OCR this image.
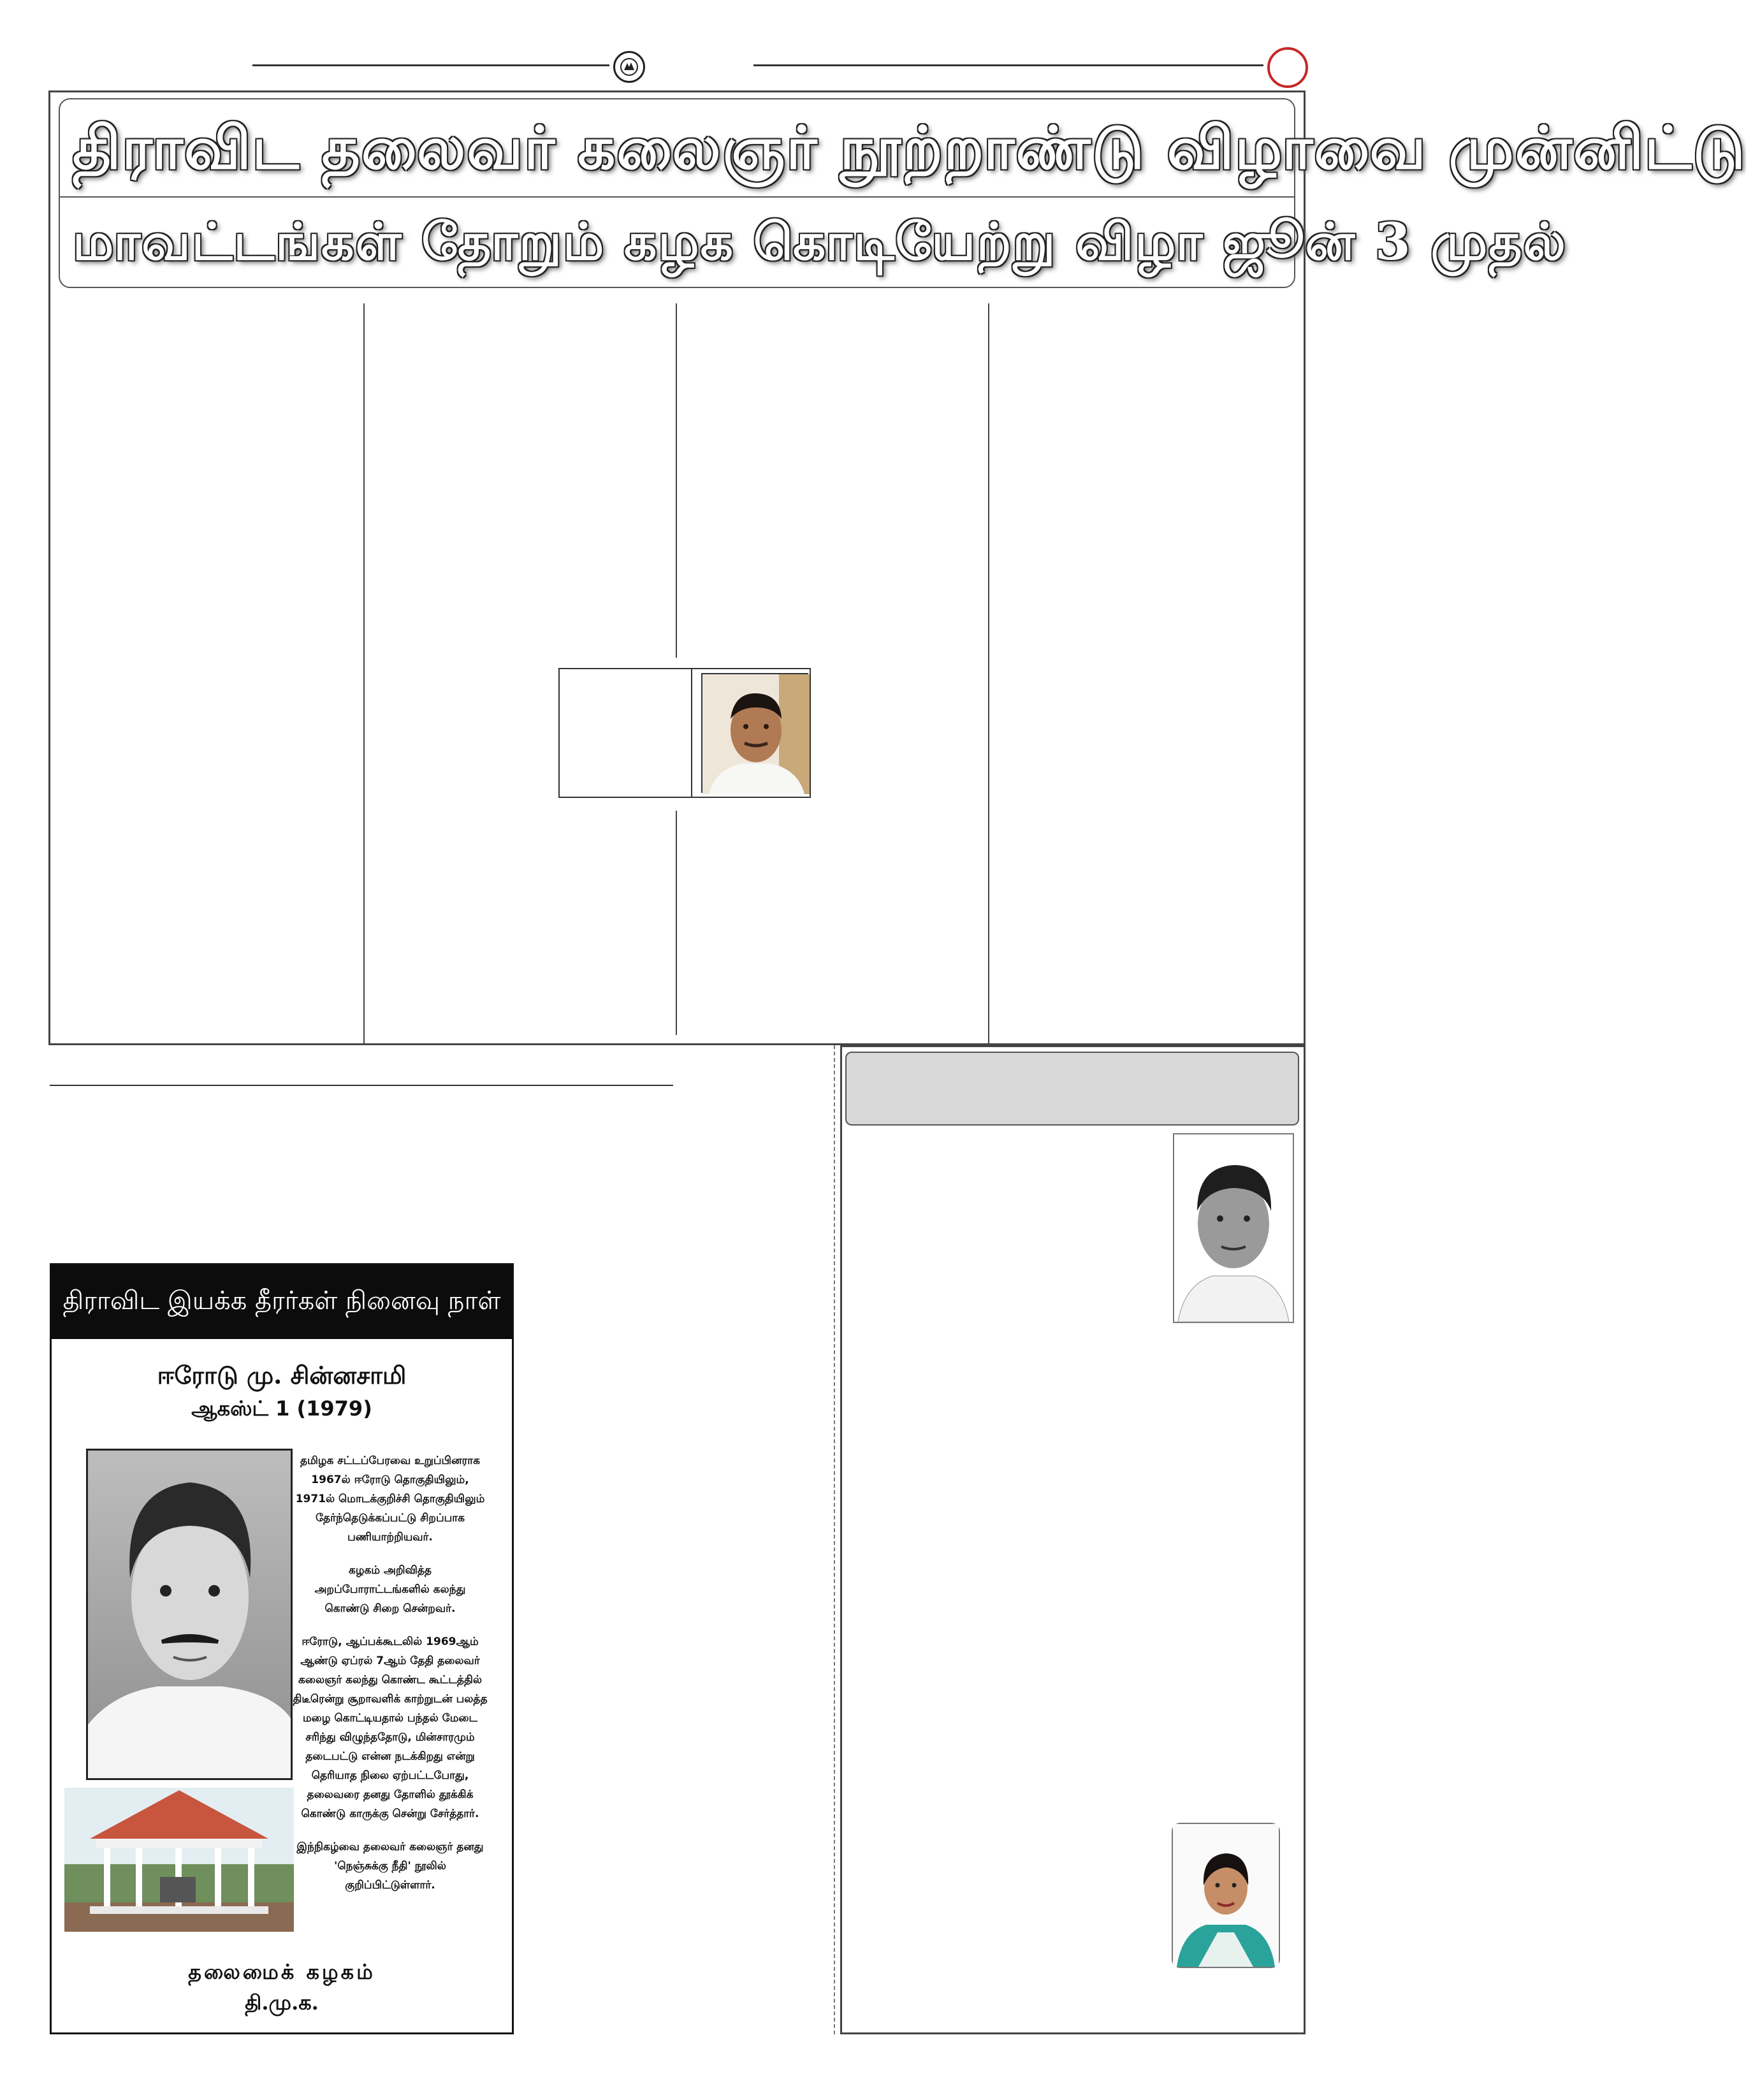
திராவிட தலைவர் கலைஞர் நூற்றாண்டு விழாவை முன்னிட்டு
மாவட்டங்கள் தோறும் கழக கொடியேற்று விழா ஜூன் 3 முதல்
திராவிட இயக்க தீரர்கள் நினைவு நாள்
ஈரோடு மு. சின்னசாமி
ஆகஸ்ட் 1 (1979)

தமிழக சட்டப்பேரவை உறுப்பினராக 1967ல் ஈரோடு தொகுதியிலும், 1971ல் மொடக்குறிச்சி தொகுதியிலும் தேர்ந்தெடுக்கப்பட்டு சிறப்பாக பணியாற்றியவர்.

கழகம் அறிவித்த அறப்போராட்டங்களில் கலந்து கொண்டு சிறை சென்றவர்.

ஈரோடு, ஆப்பக்கூடலில் 1969ஆம் ஆண்டு ஏப்ரல் 7ஆம் தேதி தலைவர் கலைஞர் கலந்து கொண்ட கூட்டத்தில் திடீரென்று சூறாவளிக் காற்றுடன் பலத்த மழை கொட்டியதால் பந்தல் மேடை சரிந்து விழுந்ததோடு, மின்சாரமும் தடைபட்டு என்ன நடக்கிறது என்று தெரியாத நிலை ஏற்பட்டபோது, தலைவரை தனது தோளில் தூக்கிக் கொண்டு காருக்கு சென்று சேர்த்தார்.

இந்நிகழ்வை தலைவர் கலைஞர் தனது 'நெஞ்சுக்கு நீதி' நூலில் குறிப்பிட்டுள்ளார்.

தலைமைக் கழகம்
தி.மு.க.
